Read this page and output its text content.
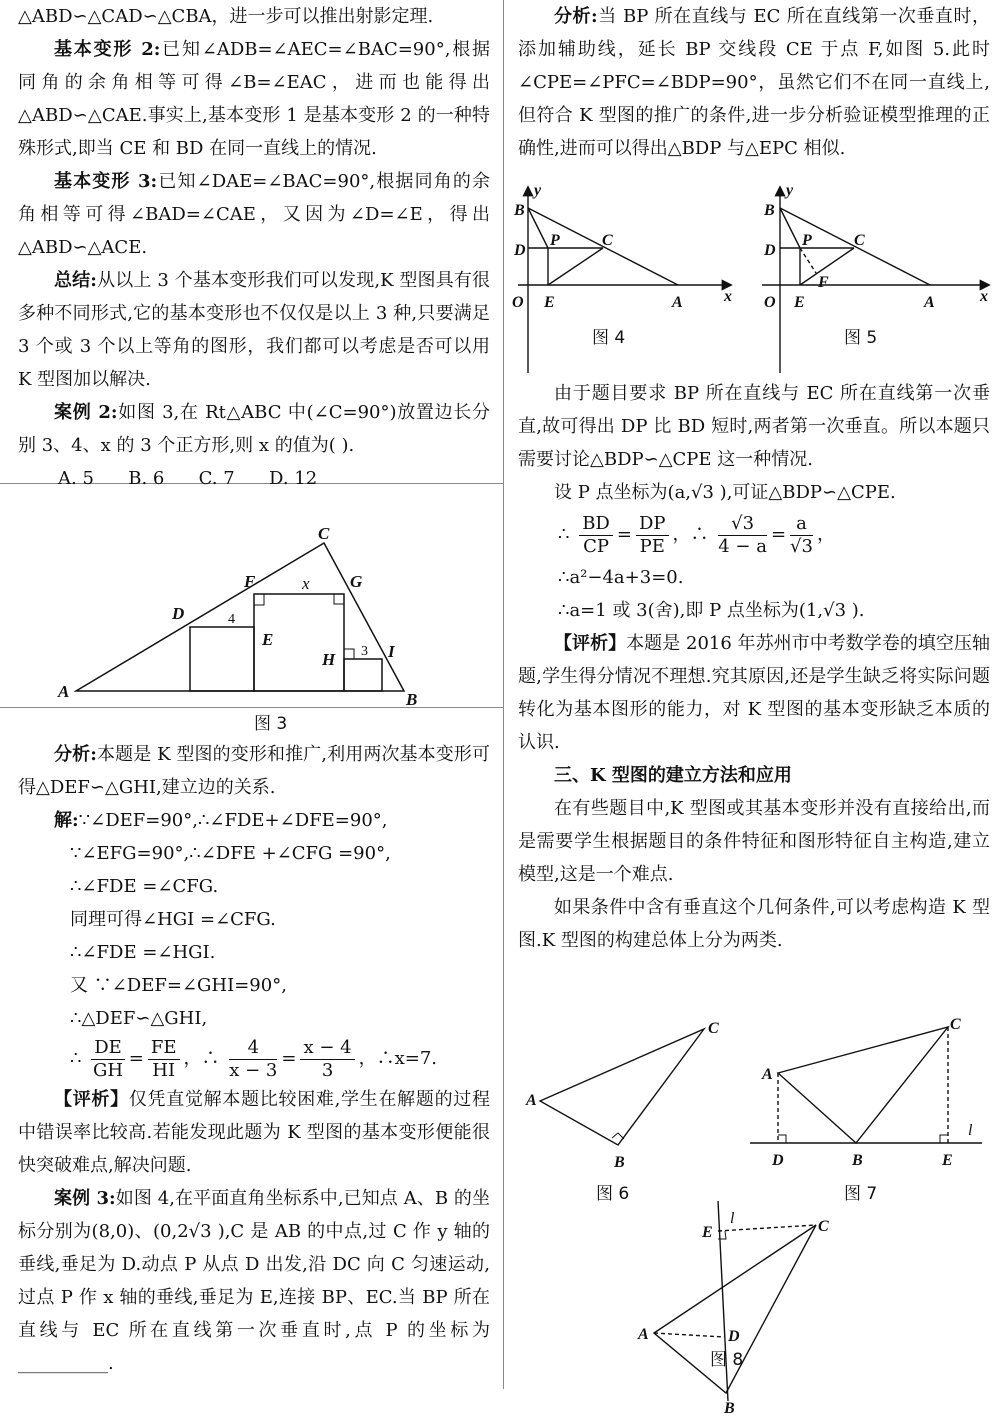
△ABD∽△CAD∽△CBA，进一步可以推出射影定理.

基本变形 2:已知∠ADB=∠AEC=∠BAC=90°,根据同角的余角相等可得∠B=∠EAC，进而也能得出△ABD∽△CAE.事实上,基本变形 1 是基本变形 2 的一种特殊形式,即当 CE 和 BD 在同一直线上的情况.

基本变形 3:已知∠DAE=∠BAC=90°,根据同角的余角相等可得∠BAD=∠CAE，又因为∠D=∠E，得出△ABD∽△ACE.

总结:从以上 3 个基本变形我们可以发现,K 型图具有很多种不同形式,它的基本变形也不仅仅是以上 3 种,只要满足 3 个或 3 个以上等角的图形，我们都可以考虑是否可以用 K 型图加以解决.

案例 2:如图 3,在 Rt△ABC 中(∠C=90°)放置边长分别 3、4、x 的 3 个正方形,则 x 的值为( ).

A. 5      B. 6      C. 7      D. 12

A	B
C
D
E
F	G
H	I
x
4
3
图 3

分析:本题是 K 型图的变形和推广,利用两次基本变形可得△DEF∽△GHI,建立边的关系.

解:∵∠DEF=90°,∴∠FDE+∠DFE=90°,

∵∠EFG=90°,∴∠DFE +∠CFG =90°,

∴∠FDE =∠CFG.

同理可得∠HGI =∠CFG.

∴∠FDE =∠HGI.

又 ∵∠DEF=∠GHI=90°,

∴△DEF∽△GHI,

∴ $\frac{DE}{GH} = \frac{FE}{HI}$ ，∴ $\frac{4}{x - 3} = \frac{x - 4}{3}$ ，∴x=7.

【评析】仅凭直觉解本题比较困难,学生在解题的过程中错误率比较高.若能发现此题为 K 型图的基本变形便能很快突破难点,解决问题.

案例 3:如图 4,在平面直角坐标系中,已知点 A、B 的坐标分别为(8,0)、(0,2√3 ),C 是 AB 的中点,过 C 作 y 轴的垂线,垂足为 D.动点 P 从点 D 出发,沿 DC 向 C 匀速运动,过点 P 作 x 轴的垂线,垂足为 E,连接 BP、EC.当 BP 所在直线与 EC 所在直线第一次垂直时,点 P 的坐标为__________.

分析:当 BP 所在直线与 EC 所在直线第一次垂直时，添加辅助线，延长 BP 交线段 CE 于点 F,如图 5.此时∠CPE=∠PFC=∠BDP=90°，虽然它们不在同一直线上,但符合 K 型图的推广的条件,进一步分析验证模型推理的正确性,进而可以得出△BDP 与△EPC 相似.

y
x
B
D
P	C
O E	A
图 4
y
x
B
D
P	C
F
O E	A
图 5

由于题目要求 BP 所在直线与 EC 所在直线第一次垂直,故可得出 DP 比 BD 短时,两者第一次垂直。所以本题只需要讨论△BDP∽△CPE 这一种情况.

设 P 点坐标为(a,√3 ),可证△BDP∽△CPE.

∴ $\frac{BD}{CP} = \frac{DP}{PE}$ ，∴ $\frac{√3}{4 - a} = \frac{a}{√3}$ ，

∴a²−4a+3=0.

∴a=1 或 3(舍),即 P 点坐标为(1,√3 ).

【评析】本题是 2016 年苏州市中考数学卷的填空压轴题,学生得分情况不理想.究其原因,还是学生缺乏将实际问题转化为基本图形的能力，对 K 型图的基本变形缺乏本质的认识.

三、K 型图的建立方法和应用

在有些题目中,K 型图或其基本变形并没有直接给出,而是需要学生根据题目的条件特征和图形特征自主构造,建立模型,这是一个难点.

如果条件中含有垂直这个几何条件,可以考虑构造 K 型图.K 型图的构建总体上分为两类.

A
C
B
图 6
A
C
D	B	E
l
图 7
l
E	C
A	D
B
图 8
